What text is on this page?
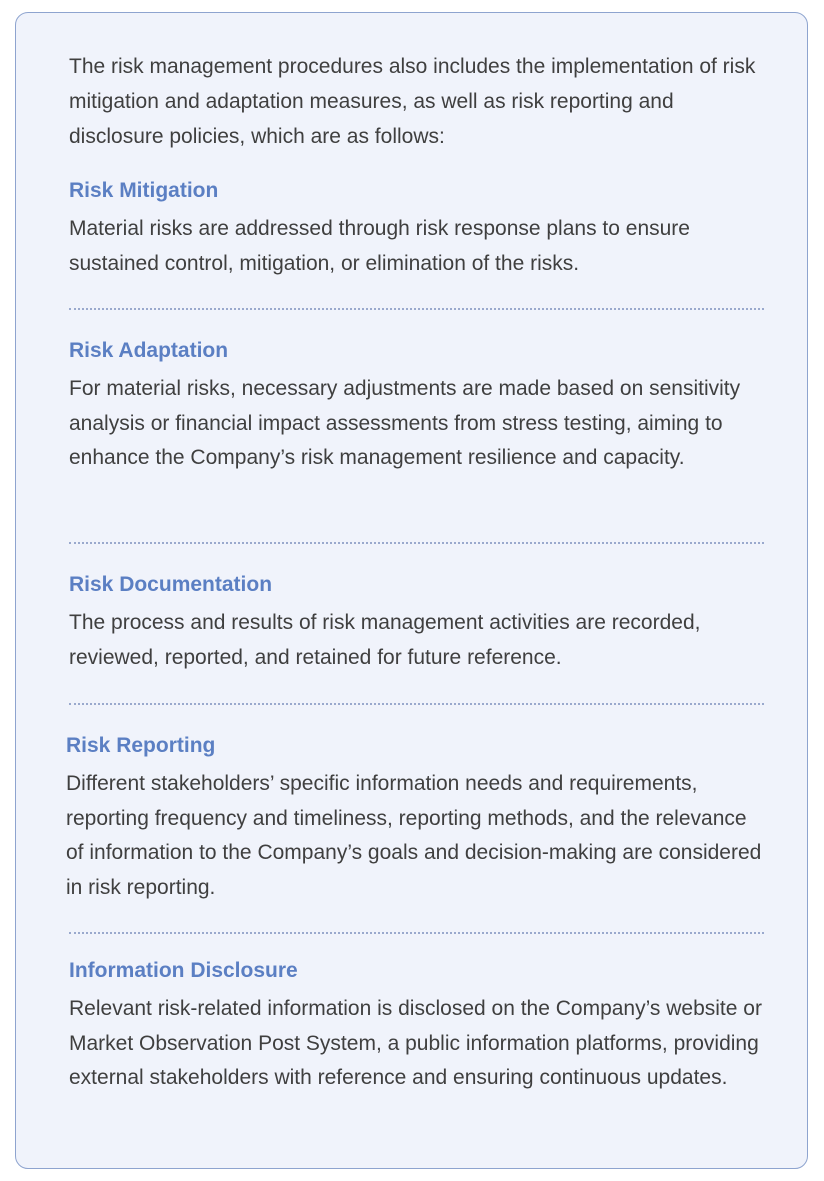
The risk management procedures also includes the implementation of risk mitigation and adaptation measures, as well as risk reporting and disclosure policies, which are as follows:

Risk Mitigation

Material risks are addressed through risk response plans to ensure sustained control, mitigation, or elimination of the risks.

Risk Adaptation

For material risks, necessary adjustments are made based on sensitivity analysis or financial impact assessments from stress testing, aiming to enhance the Company’s risk management resilience and capacity.

Risk Documentation

The process and results of risk management activities are recorded, reviewed, reported, and retained for future reference.

Risk Reporting

Different stakeholders’ specific information needs and requirements, reporting frequency and timeliness, reporting methods, and the relevance of information to the Company’s goals and decision-making are considered in risk reporting.

Information Disclosure

Relevant risk-related information is disclosed on the Company’s website or Market Observation Post System, a public information platforms, providing external stakeholders with reference and ensuring continuous updates.
